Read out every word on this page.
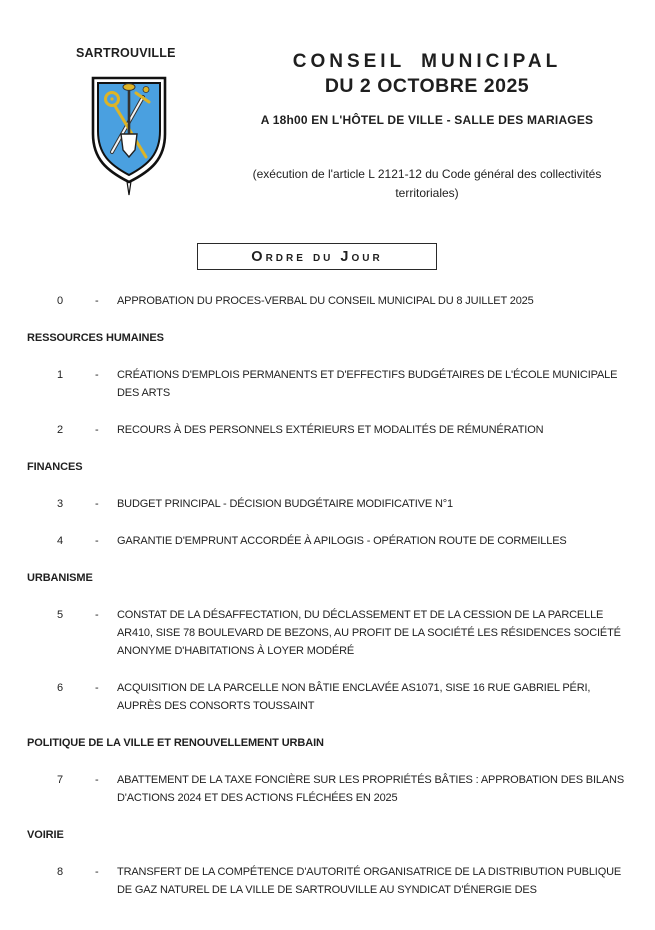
SARTROUVILLE	CONSEIL MUNICIPAL
DU 2 OCTOBRE 2025
A 18h00 EN L'HÔTEL DE VILLE - SALLE DES MARIAGES
(exécution de l'article L 2121-12 du Code général des collectivités territoriales)
Ordre du Jour
0	-	APPROBATION DU PROCES-VERBAL DU CONSEIL MUNICIPAL DU 8 JUILLET 2025
RESSOURCES HUMAINES
1	-	CRÉATIONS D'EMPLOIS PERMANENTS ET D'EFFECTIFS BUDGÉTAIRES DE L'ÉCOLE MUNICIPALE DES ARTS
2	-	RECOURS À DES PERSONNELS EXTÉRIEURS ET MODALITÉS DE RÉMUNÉRATION
FINANCES
3	-	BUDGET PRINCIPAL - DÉCISION BUDGÉTAIRE MODIFICATIVE N°1
4	-	GARANTIE D'EMPRUNT ACCORDÉE À APILOGIS - OPÉRATION ROUTE DE CORMEILLES
URBANISME
5	-	CONSTAT DE LA DÉSAFFECTATION, DU DÉCLASSEMENT ET DE LA CESSION DE LA PARCELLE AR410, SISE 78 BOULEVARD DE BEZONS, AU PROFIT DE LA SOCIÉTÉ LES RÉSIDENCES SOCIÉTÉ ANONYME D'HABITATIONS À LOYER MODÉRÉ
6	-	ACQUISITION DE LA PARCELLE NON BÂTIE ENCLAVÉE AS1071, SISE 16 RUE GABRIEL PÉRI, AUPRÈS DES CONSORTS TOUSSAINT
POLITIQUE DE LA VILLE ET RENOUVELLEMENT URBAIN
7	-	ABATTEMENT DE LA TAXE FONCIÈRE SUR LES PROPRIÉTÉS BÂTIES : APPROBATION DES BILANS D'ACTIONS 2024 ET DES ACTIONS FLÉCHÉES EN 2025
VOIRIE
8	-	TRANSFERT DE LA COMPÉTENCE D'AUTORITÉ ORGANISATRICE DE LA DISTRIBUTION PUBLIQUE DE GAZ NATUREL DE LA VILLE DE SARTROUVILLE AU SYNDICAT D'ÉNERGIE DES
